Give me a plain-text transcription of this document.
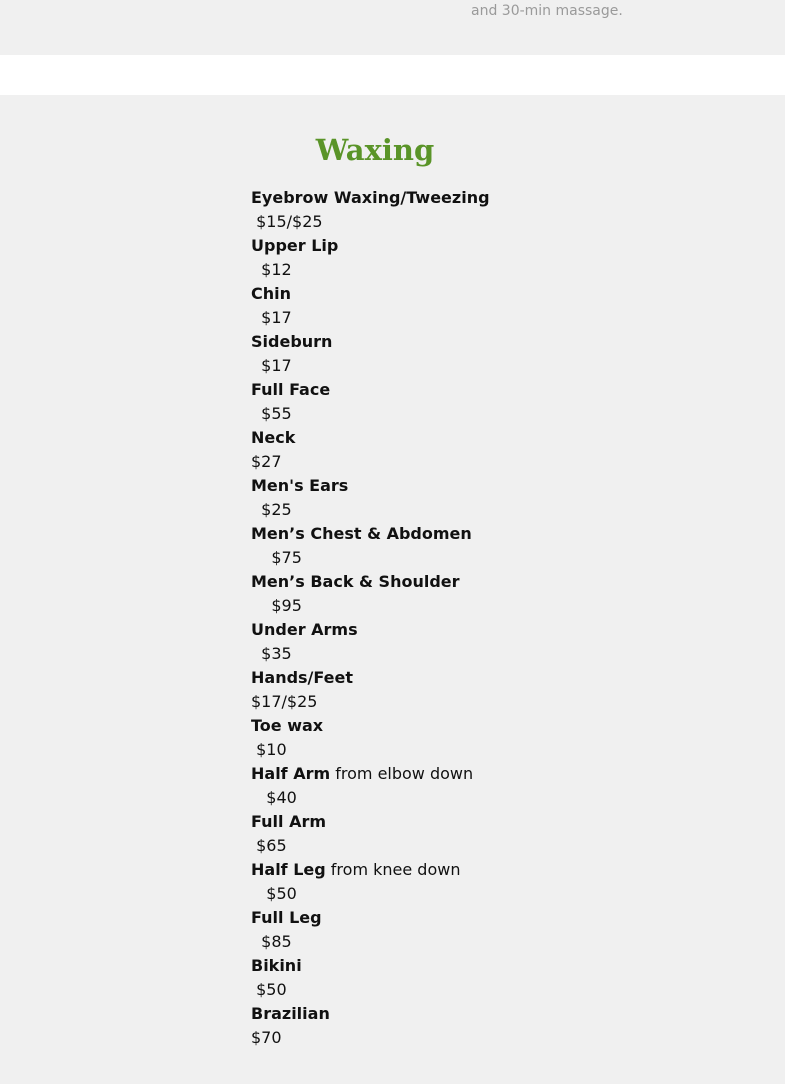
and 30-min massage.
Waxing
Eyebrow Waxing/Tweezing
$15/$25
Upper Lip
$12
Chin
$17
Sideburn
$17
Full Face
$55
Neck
$27
Men's Ears
$25
Men’s Chest & Abdomen
$75
Men’s Back & Shoulder
$95
Under Arms
$35
Hands/Feet
$17/$25
Toe wax
$10
Half Arm from elbow down
$40
Full Arm
$65
Half Leg from knee down
$50
Full Leg
$85
Bikini
$50
Brazilian
$70
